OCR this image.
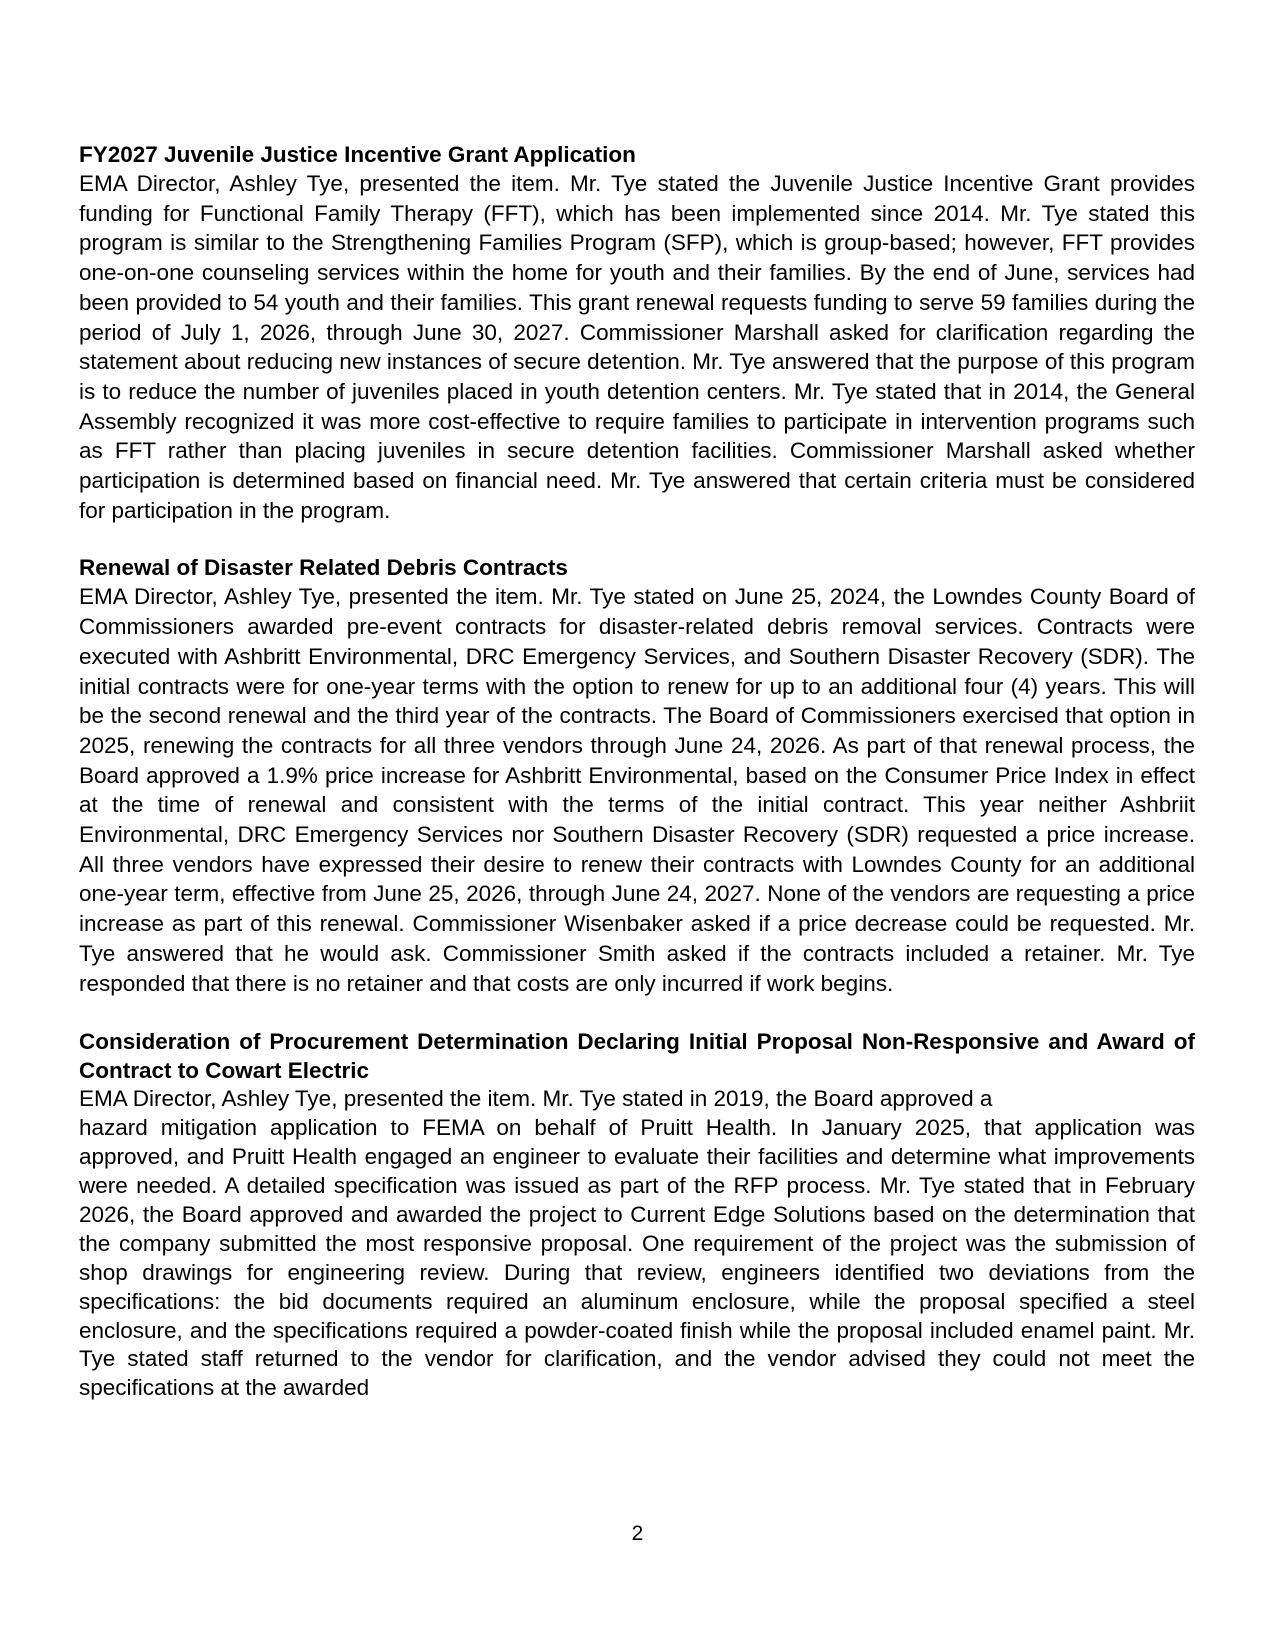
FY2027 Juvenile Justice Incentive Grant Application

EMA Director, Ashley Tye, presented the item. Mr. Tye stated the Juvenile Justice Incentive Grant provides funding for Functional Family Therapy (FFT), which has been implemented since 2014. Mr. Tye stated this program is similar to the Strengthening Families Program (SFP), which is group-based; however, FFT provides one-on-one counseling services within the home for youth and their families. By the end of June, services had been provided to 54 youth and their families. This grant renewal requests funding to serve 59 families during the period of July 1, 2026, through June 30, 2027. Commissioner Marshall asked for clarification regarding the statement about reducing new instances of secure detention. Mr. Tye answered that the purpose of this program is to reduce the number of juveniles placed in youth detention centers. Mr. Tye stated that in 2014, the General Assembly recognized it was more cost-effective to require families to participate in intervention programs such as FFT rather than placing juveniles in secure detention facilities. Commissioner Marshall asked whether participation is determined based on financial need. Mr. Tye answered that certain criteria must be considered for participation in the program.

Renewal of Disaster Related Debris Contracts

EMA Director, Ashley Tye, presented the item. Mr. Tye stated on June 25, 2024, the Lowndes County Board of Commissioners awarded pre-event contracts for disaster-related debris removal services. Contracts were executed with Ashbritt Environmental, DRC Emergency Services, and Southern Disaster Recovery (SDR). The initial contracts were for one-year terms with the option to renew for up to an additional four (4) years. This will be the second renewal and the third year of the contracts. The Board of Commissioners exercised that option in 2025, renewing the contracts for all three vendors through June 24, 2026. As part of that renewal process, the Board approved a 1.9% price increase for Ashbritt Environmental, based on the Consumer Price Index in effect at the time of renewal and consistent with the terms of the initial contract. This year neither Ashbriit Environmental, DRC Emergency Services nor Southern Disaster Recovery (SDR) requested a price increase. All three vendors have expressed their desire to renew their contracts with Lowndes County for an additional one-year term, effective from June 25, 2026, through June 24, 2027. None of the vendors are requesting a price increase as part of this renewal. Commissioner Wisenbaker asked if a price decrease could be requested. Mr. Tye answered that he would ask. Commissioner Smith asked if the contracts included a retainer. Mr. Tye responded that there is no retainer and that costs are only incurred if work begins.

Consideration of Procurement Determination Declaring Initial Proposal Non-Responsive and Award of Contract to Cowart Electric

EMA Director, Ashley Tye, presented the item. Mr. Tye stated in 2019, the Board approved a

hazard mitigation application to FEMA on behalf of Pruitt Health. In January 2025, that application was approved, and Pruitt Health engaged an engineer to evaluate their facilities and determine what improvements were needed. A detailed specification was issued as part of the RFP process. Mr. Tye stated that in February 2026, the Board approved and awarded the project to Current Edge Solutions based on the determination that the company submitted the most responsive proposal. One requirement of the project was the submission of shop drawings for engineering review. During that review, engineers identified two deviations from the specifications: the bid documents required an aluminum enclosure, while the proposal specified a steel enclosure, and the specifications required a powder-coated finish while the proposal included enamel paint. Mr. Tye stated staff returned to the vendor for clarification, and the vendor advised they could not meet the specifications at the awarded

2
